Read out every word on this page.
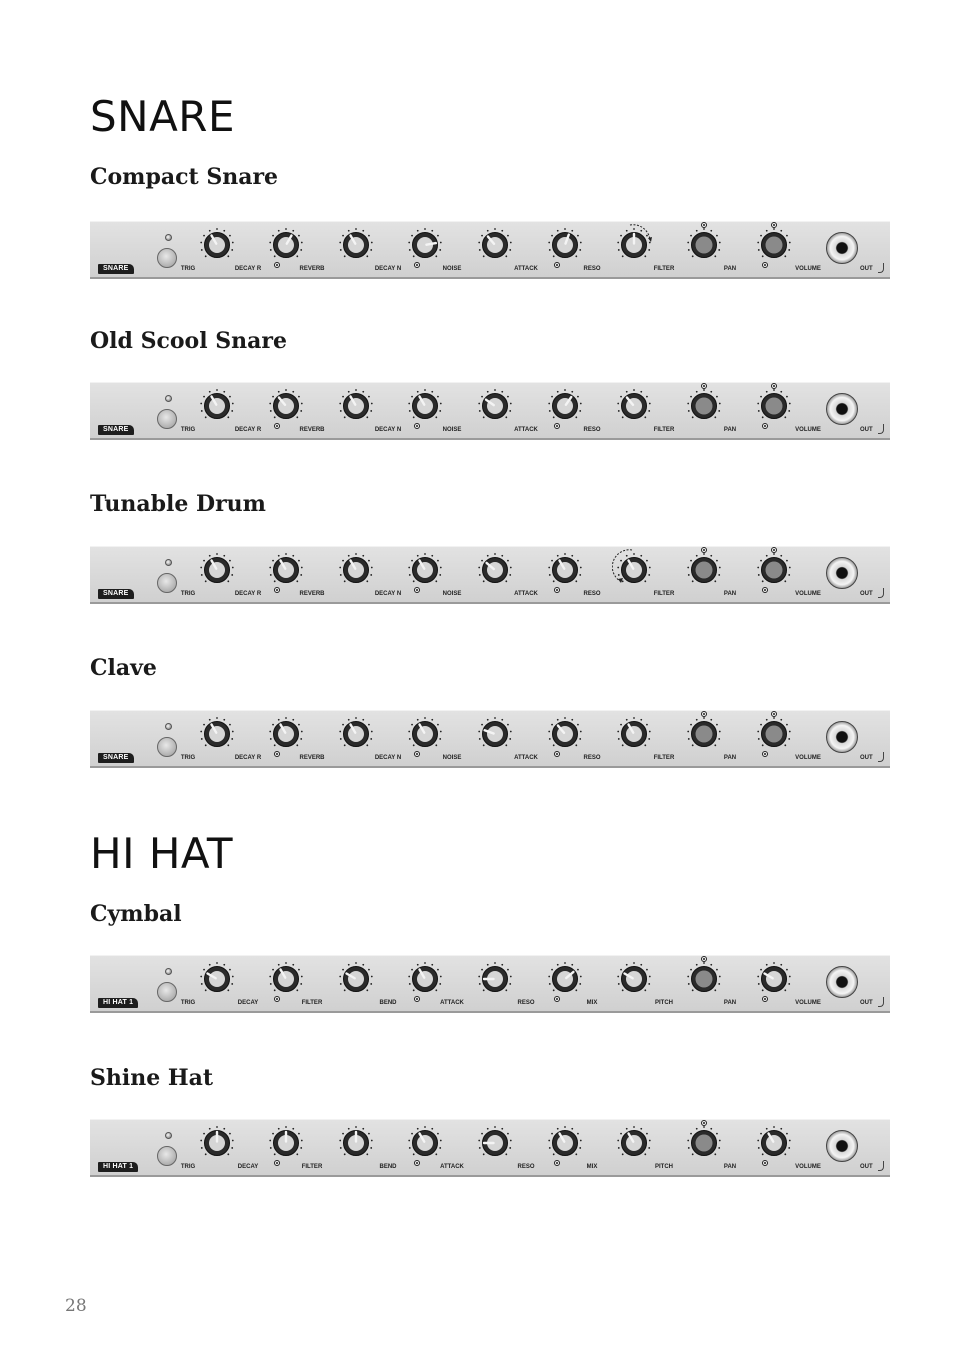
SNARE
Compact Snare
SNARE	TRIG	DECAY R	REVERB	DECAY N	NOISE	ATTACK	RESO	FILTER	PAN	VOLUME	OUT
Old Scool Snare
SNARE	TRIG	DECAY R	REVERB	DECAY N	NOISE	ATTACK	RESO	FILTER	PAN	VOLUME	OUT
Tunable Drum
SNARE	TRIG	DECAY R	REVERB	DECAY N	NOISE	ATTACK	RESO	FILTER	PAN	VOLUME	OUT
Clave
SNARE	TRIG	DECAY R	REVERB	DECAY N	NOISE	ATTACK	RESO	FILTER	PAN	VOLUME	OUT
HI HAT
Cymbal
HI HAT 1	TRIG	DECAY	FILTER	BEND	ATTACK	RESO	MIX	PITCH	PAN	VOLUME	OUT
Shine Hat
HI HAT 1	TRIG	DECAY	FILTER	BEND	ATTACK	RESO	MIX	PITCH	PAN	VOLUME	OUT
28
